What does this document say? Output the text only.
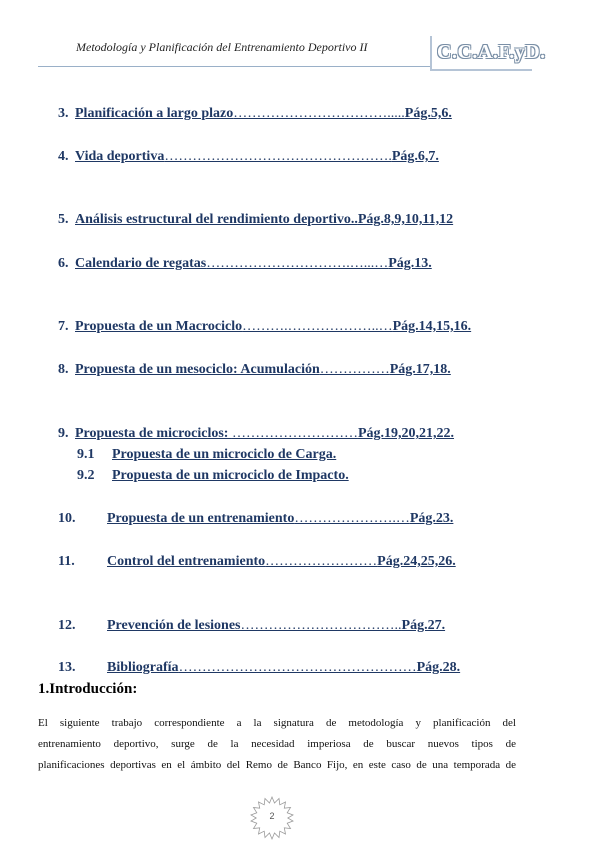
Metodología y Planificación del Entrenamiento Deportivo II	C.C.A.F.yD.
3. Planificación a largo plazo…………………………….....Pág.5,6.
4. Vida deportiva………………………………………….Pág.6,7.
5. Análisis estructural del rendimiento deportivo..Pág.8,9,10,11,12
6. Calendario de regatas………………………….…...…Pág.13.
7. Propuesta de un Macrociclo……….………………..…Pág.14,15,16.
8. Propuesta de un mesociclo: Acumulación……………Pág.17,18.
9. Propuesta de microciclos: ………………………Pág.19,20,21,22.
9.1 Propuesta de un microciclo de Carga.
9.2 Propuesta de un microciclo de Impacto.
10. Propuesta de un entrenamiento………………….…Pág.23.
11. Control del entrenamiento……………………Pág.24,25,26.
12. Prevención de lesiones……………………………..Pág.27.
13. Bibliografía……………………………………………Pág.28.
1.Introducción:
El siguiente trabajo correspondiente a la signatura de metodología y planificación del
entrenamiento deportivo, surge de la necesidad imperiosa de buscar nuevos tipos de
planificaciones deportivas en el ámbito del Remo de Banco Fijo, en este caso de una temporada de
2
